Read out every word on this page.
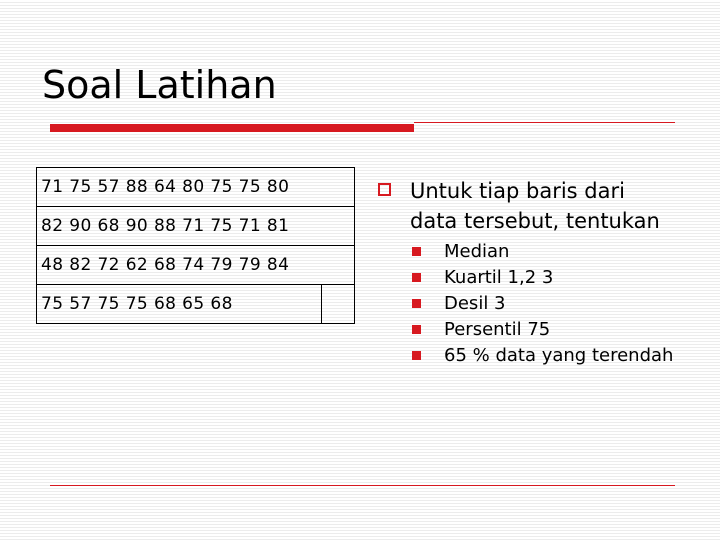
Soal Latihan
71 75 57 88 64 80 75 75 80
82 90 68 90 88 71 75 71 81
48 82 72 62 68 74 79 79 84
75 57 75 75 68 65 68	
Untuk tiap baris dari data tersebut, tentukan
Median
Kuartil 1,2 3
Desil 3
Persentil 75
65 % data yang terendah
